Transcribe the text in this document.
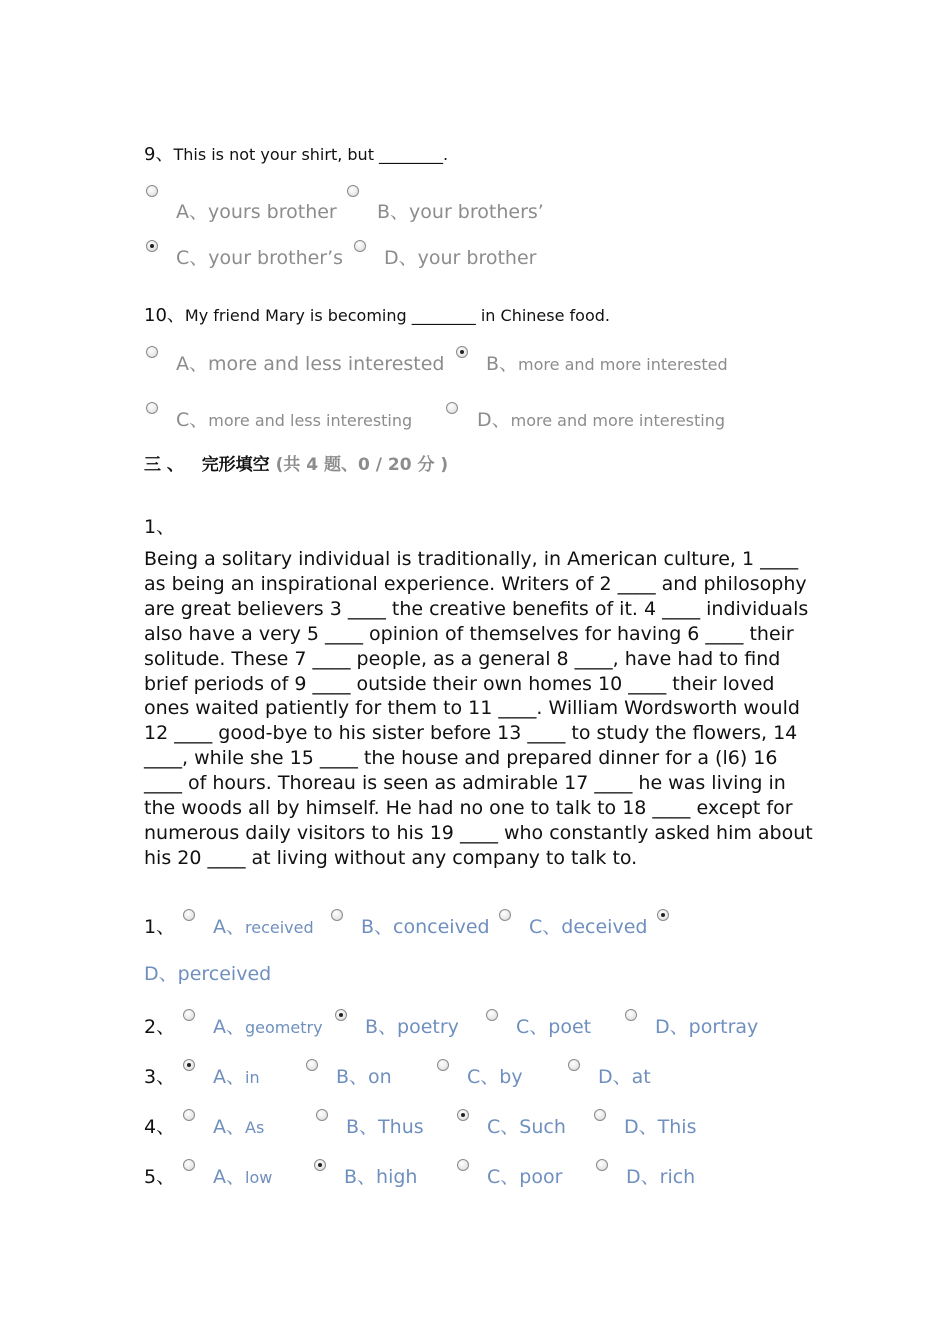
9、This is not your shirt, but ________.
A、yours brother B、your brothers’
C、your brother’s D、your brother
10、My friend Mary is becoming ________ in Chinese food.
A、more and less interested B、more and more interested
C、more and less interesting	D、more and more interesting
三 、 完形填空 (共 4 题、0 / 20 分 )
1、
Being a solitary individual is traditionally, in American culture, 1 ____ as being an inspirational experience. Writers of 2 ____ and philosophy are great believers 3 ____ the creative benefits of it. 4 ____ individuals also have a very 5 ____ opinion of themselves for having 6 ____ their solitude. These 7 ____ people, as a general 8 ____, have had to find brief periods of 9 ____ outside their own homes 10 ____ their loved ones waited patiently for them to 11 ____. William Wordsworth would 12 ____ good-bye to his sister before 13 ____ to study the flowers, 14 ____, while she 15 ____ the house and prepared dinner for a (l6) 16 ____ of hours. Thoreau is seen as admirable 17 ____ he was living in the woods all by himself. He had no one to talk to 18 ____ except for numerous daily visitors to his 19 ____ who constantly asked him about his 20 ____ at living without any company to talk to.
1、 A、received B、conceived C、deceived
D、perceived
2、 A、geometry B、poetry	C、poet	D、portray
3、 A、in	B、on	C、by	D、at
4、 A、As	B、Thus	C、Such	D、This
5、 A、low	B、high	C、poor	D、rich
